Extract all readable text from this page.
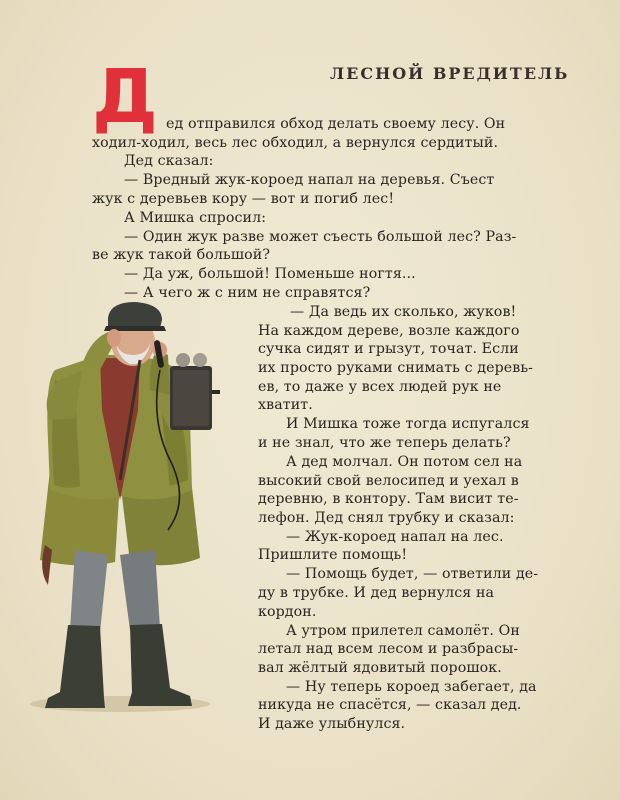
ЛЕСНОЙ ВРЕДИТЕЛЬ
Д ед отправился обход делать своему лесу. Он
ходил-ходил, весь лес обходил, а вернулся сердитый.
Дед сказал:
— Вредный жук-короед напал на деревья. Съест
жук с деревьев кору — вот и погиб лес!
А Мишка спросил:
— Один жук разве может съесть большой лес? Раз-
ве жук такой большой?
— Да уж, большой! Поменьше ногтя...
— А чего ж с ним не справятся?
— Да ведь их сколько, жуков!
На каждом дереве, возле каждого
сучка сидят и грызут, точат. Если
их просто руками снимать с деревь-
ев, то даже у всех людей рук не
хватит.
И Мишка тоже тогда испугался
и не знал, что же теперь делать?
А дед молчал. Он потом сел на
высокий свой велосипед и уехал в
деревню, в контору. Там висит те-
лефон. Дед снял трубку и сказал:
— Жук-короед напал на лес.
Пришлите помощь!
— Помощь будет, — ответили де-
ду в трубке. И дед вернулся на
кордон.
А утром прилетел самолёт. Он
летал над всем лесом и разбрасы-
вал жёлтый ядовитый порошок.
— Ну теперь короед забегает, да
никуда не спасётся, — сказал дед.
И даже улыбнулся.
